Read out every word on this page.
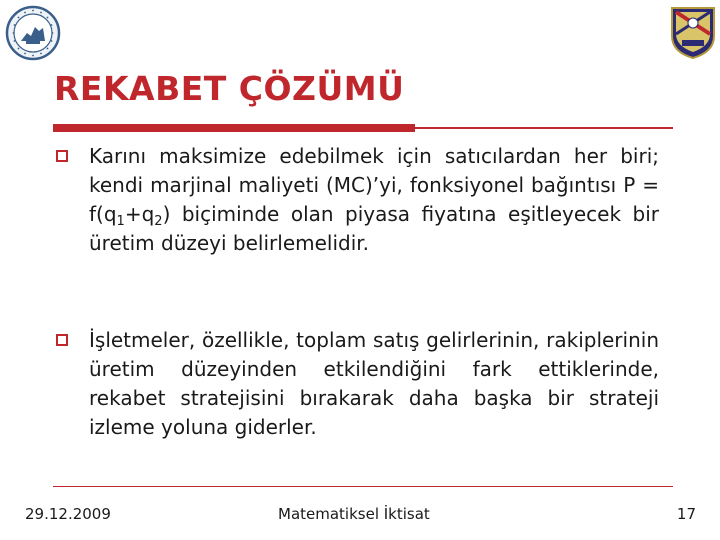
REKABET ÇÖZÜMÜ

Karını maksimize edebilmek için satıcılardan her biri; kendi marjinal maliyeti (MC)’yi, fonksiyonel bağıntısı $P = f(q_1+q_2)$ biçiminde olan piyasa fiyatına eşitleyecek bir üretim düzeyi belirlemelidir.

İşletmeler, özellikle, toplam satış gelirlerinin, rakiplerinin üretim düzeyinden etkilendiğini fark ettiklerinde, rekabet stratejisini bırakarak daha başka bir strateji izleme yoluna giderler.

29.12.2009	Matematiksel İktisat	17
